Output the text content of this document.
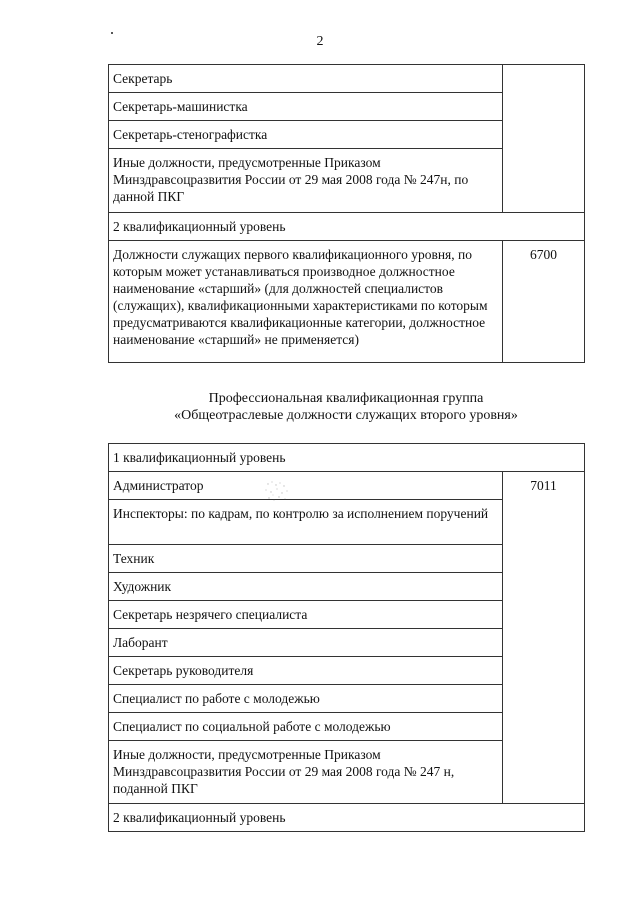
2
Секретарь	
Секретарь-машинистка	
Секретарь-стенографистка	
Иные должности, предусмотренные Приказом Минздравсоцразвития России от 29 мая 2008 года № 247н, по данной ПКГ	
2 квалификационный уровень	
Должности служащих первого квалификационного уровня, по которым может устанавливаться производное должностное наименование «старший» (для должностей специалистов (служащих), квалификационными характеристиками по которым предусматриваются квалификационные категории, должностное наименование «старший» не применяется)	6700
Профессиональная квалификационная группа
«Общеотраслевые должности служащих второго уровня»
1 квалификационный уровень
Администратор	7011
Инспекторы: по кадрам, по контролю за исполнением поручений
Техник
Художник
Секретарь незрячего специалиста
Лаборант
Секретарь руководителя
Специалист по работе с молодежью
Специалист по социальной работе с молодежью
Иные должности, предусмотренные Приказом Минздравсоцразвития России от 29 мая 2008 года № 247 н, поданной ПКГ
2 квалификационный уровень
